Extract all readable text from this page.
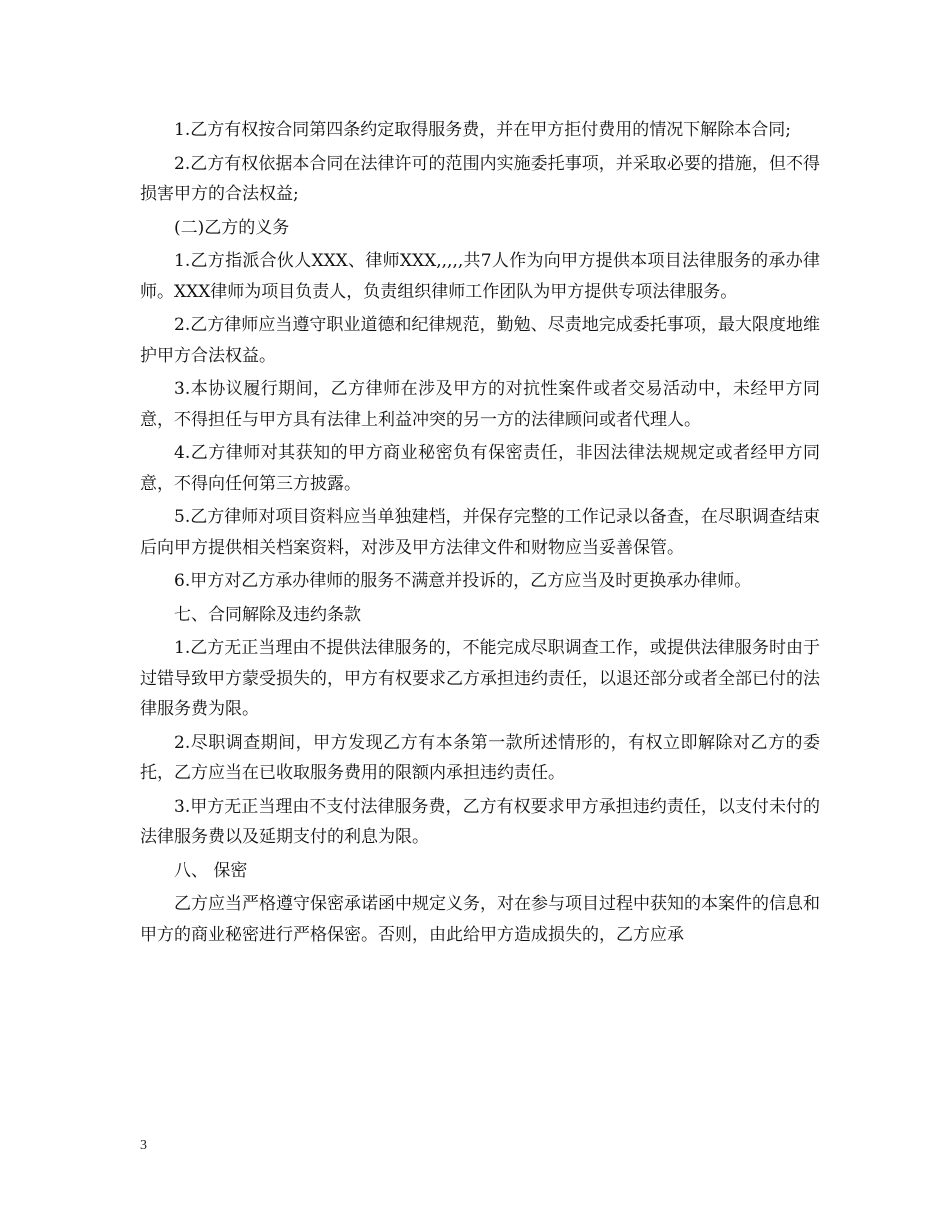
1.乙方有权按合同第四条约定取得服务费，并在甲方拒付费用的情况下解除本合同;

2.乙方有权依据本合同在法律许可的范围内实施委托事项，并采取必要的措施，但不得损害甲方的合法权益;

(二)乙方的义务

1.乙方指派合伙人XXX、律师XXX,,,,,共7人作为向甲方提供本项目法律服务的承办律师。XXX律师为项目负责人，负责组织律师工作团队为甲方提供专项法律服务。

2.乙方律师应当遵守职业道德和纪律规范，勤勉、尽责地完成委托事项，最大限度地维护甲方合法权益。

3.本协议履行期间，乙方律师在涉及甲方的对抗性案件或者交易活动中，未经甲方同意，不得担任与甲方具有法律上利益冲突的另一方的法律顾问或者代理人。

4.乙方律师对其获知的甲方商业秘密负有保密责任，非因法律法规规定或者经甲方同意，不得向任何第三方披露。

5.乙方律师对项目资料应当单独建档，并保存完整的工作记录以备查，在尽职调查结束后向甲方提供相关档案资料，对涉及甲方法律文件和财物应当妥善保管。

6.甲方对乙方承办律师的服务不满意并投诉的，乙方应当及时更换承办律师。

七、合同解除及违约条款

1.乙方无正当理由不提供法律服务的，不能完成尽职调查工作，或提供法律服务时由于过错导致甲方蒙受损失的，甲方有权要求乙方承担违约责任，以退还部分或者全部已付的法律服务费为限。

2.尽职调查期间，甲方发现乙方有本条第一款所述情形的，有权立即解除对乙方的委托，乙方应当在已收取服务费用的限额内承担违约责任。

3.甲方无正当理由不支付法律服务费，乙方有权要求甲方承担违约责任，以支付未付的法律服务费以及延期支付的利息为限。

八、 保密

乙方应当严格遵守保密承诺函中规定义务，对在参与项目过程中获知的本案件的信息和甲方的商业秘密进行严格保密。否则，由此给甲方造成损失的，乙方应承

3
